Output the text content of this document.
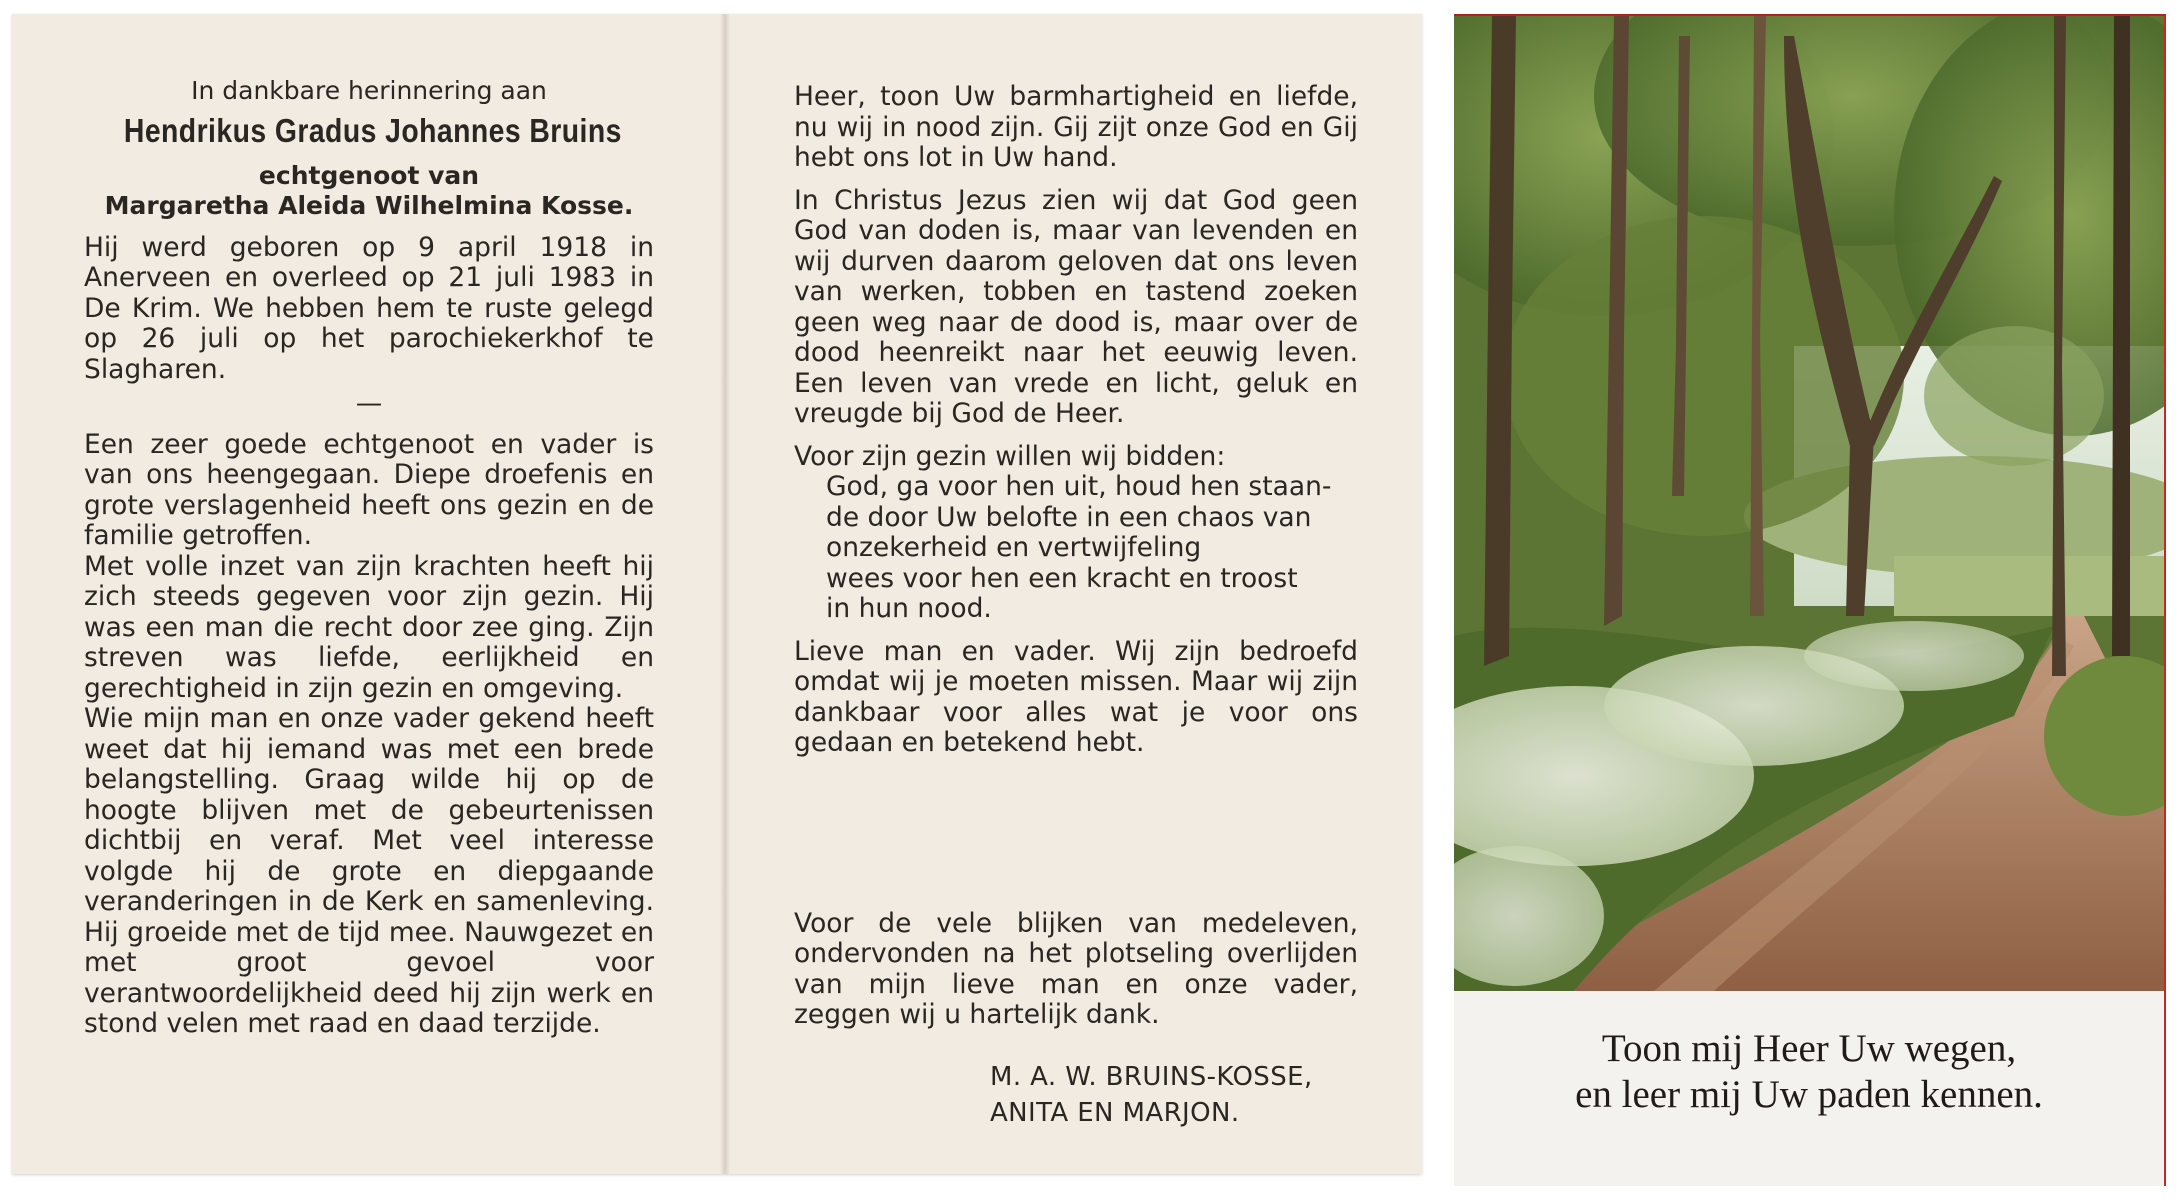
In dankbare herinnering aan
Hendrikus Gradus Johannes Bruins
echtgenoot van
Margaretha Aleida Wilhelmina Kosse.

Hij werd geboren op 9 april 1918 in Anerveen en overleed op 21 juli 1983 in De Krim. We hebben hem te ruste gelegd op 26 juli op het parochiekerkhof te Slagharen.

—

Een zeer goede echtgenoot en vader is van ons heengegaan. Diepe droefenis en grote verslagenheid heeft ons gezin en de familie getroffen.

Met volle inzet van zijn krachten heeft hij zich steeds gegeven voor zijn gezin. Hij was een man die recht door zee ging. Zijn streven was liefde, eerlijkheid en gerechtigheid in zijn gezin en omgeving.

Wie mijn man en onze vader gekend heeft weet dat hij iemand was met een brede belangstelling. Graag wilde hij op de hoogte blijven met de gebeurtenissen dichtbij en veraf. Met veel interesse volgde hij de grote en diepgaande veranderingen in de Kerk en samenleving. Hij groeide met de tijd mee. Nauwgezet en met groot gevoel voor verantwoordelijkheid deed hij zijn werk en stond velen met raad en daad terzijde.

Heer, toon Uw barmhartigheid en liefde, nu wij in nood zijn. Gij zijt onze God en Gij hebt ons lot in Uw hand.

In Christus Jezus zien wij dat God geen God van doden is, maar van levenden en wij durven daarom geloven dat ons leven van werken, tobben en tastend zoeken geen weg naar de dood is, maar over de dood heenreikt naar het eeuwig leven. Een leven van vrede en licht, geluk en vreugde bij God de Heer.

Voor zijn gezin willen wij bidden:

God, ga voor hen uit, houd hen staan-
de door Uw belofte in een chaos van
onzekerheid en vertwijfeling
wees voor hen een kracht en troost
in hun nood.

Lieve man en vader. Wij zijn bedroefd omdat wij je moeten missen. Maar wij zijn dankbaar voor alles wat je voor ons gedaan en betekend hebt.

Voor de vele blijken van medeleven, ondervonden na het plotseling overlijden van mijn lieve man en onze vader, zeggen wij u hartelijk dank.

M. A. W. BRUINS-KOSSE,
ANITA EN MARJON.
Toon mij Heer Uw wegen,
en leer mij Uw paden kennen.
